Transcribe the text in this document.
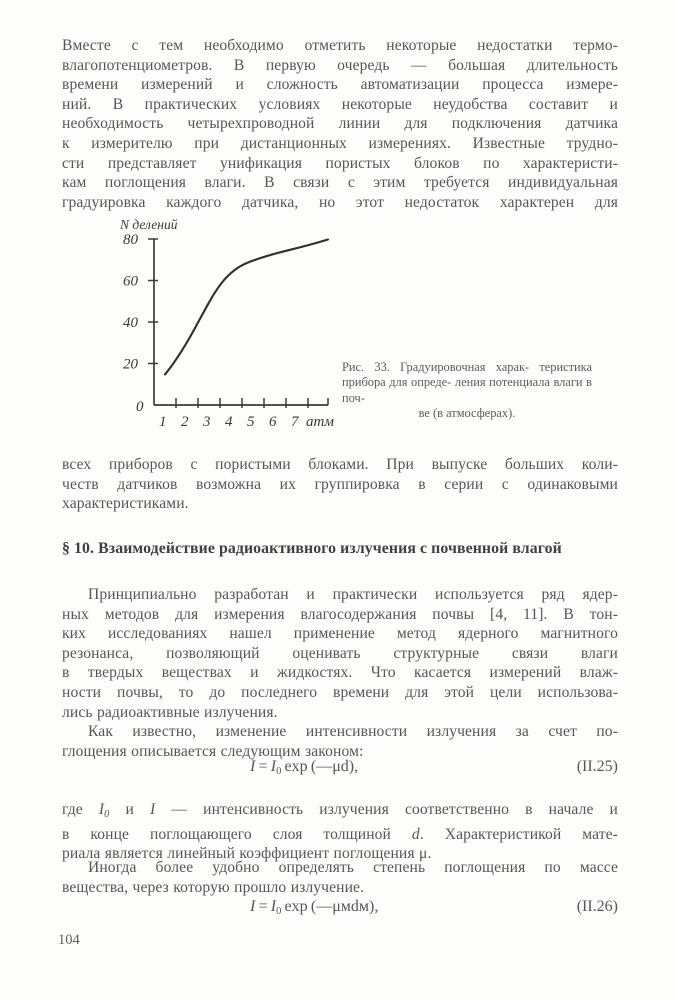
Вместе с тем необходимо отметить некоторые недостатки термо-
влагопотенциометров. В первую очередь — большая длительность
времени измерений и сложность автоматизации процесса измере-
ний. В практических условиях некоторые неудобства составит и
необходимость четырехпроводной линии для подключения датчика
к измерителю при дистанционных измерениях. Известные трудно-
сти представляет унификация пористых блоков по характеристи-
кам поглощения влаги. В связи с этим требуется индивидуальная
градуировка каждого датчика, но этот недостаток характерен для
N делений
80
60
40
20
0
1 2 3 4 5 6 7 атм
Рис. 33. Градуировочная харак- теристика прибора для опреде- ления потенциала влаги в поч-
ве (в атмосферах).
всех приборов с пористыми блоками. При выпуске больших коли-
честв датчиков возможна их группировка в серии с одинаковыми
характеристиками.
§ 10. Взаимодействие радиоактивного излучения с почвенной влагой
Принципиально разработан и практически используется ряд ядер-
ных методов для измерения влагосодержания почвы [4, 11]. В тон-
ких исследованиях нашел применение метод ядерного магнитного
резонанса, позволяющий оценивать структурные связи влаги
в твердых веществах и жидкостях. Что касается измерений влаж-
ности почвы, то до последнего времени для этой цели использова-
лись радиоактивные излучения.
Как известно, изменение интенсивности излучения за счет по-
глощения описывается следующим законом:
$I = I_0$  exp  (—μd),	(II.25)
где $I_0$ и I — интенсивность излучения соответственно в начале и
в конце поглощающего слоя толщиной d. Характеристикой мате-
риала является линейный коэффициент поглощения μ.
Иногда более удобно определять степень поглощения по массе
вещества, через которую прошло излучение.
$I = I_0$  exp  (—μмdм),	(II.26)
104
